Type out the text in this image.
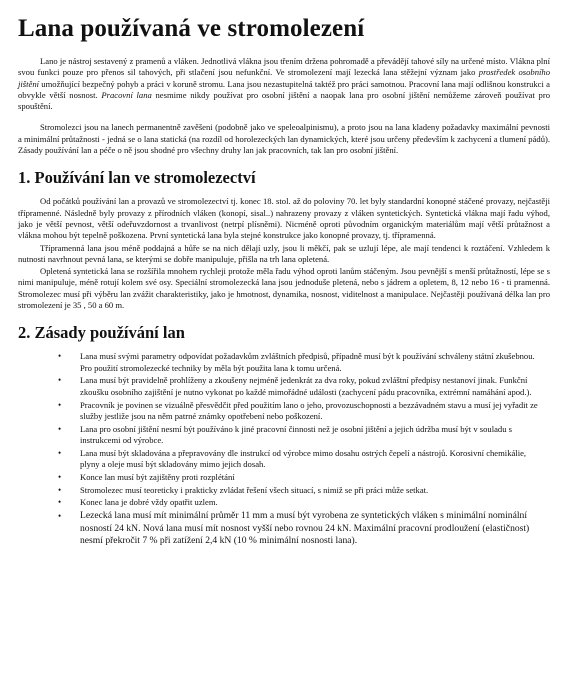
Lana používaná ve stromolezení

Lano je nástroj sestavený z pramenů a vláken. Jednotlivá vlákna jsou třením držena pohromadě a převádějí tahové síly na určené místo. Vlákna plní svou funkci pouze pro přenos sil tahových, při stlačení jsou nefunkční. Ve stromolezení mají lezecká lana stěžejní význam jako prostředek osobního jištění umožňující bezpečný pohyb a práci v koruně stromu. Lana jsou nezastupitelná taktéž pro práci samotnou. Pracovní lana mají odlišnou konstrukci a obvykle větší nosnost. Pracovní lana nesmime nikdy používat pro osobní jištění a naopak lana pro osobní jištění nemůžeme zároveň používat pro spouštění.

Stromolezci jsou na lanech permanentně zavěšeni (podobně jako ve speleoalpinismu), a proto jsou na lana kladeny požadavky maximální pevnosti a minimální průtažnosti - jedná se o lana statická (na rozdíl od horolezeckých lan dynamických, které jsou určeny především k zachycení a tlumení pádů). Zásady používání lan a péče o ně jsou shodné pro všechny druhy lan jak pracovních, tak lan pro osobní jištění.

1. Používání lan ve stromolezectví

Od počátků používání lan a provazů ve stromolezectví tj. konec 18. stol. až do poloviny 70. let byly standardní konopné stáčené provazy, nejčastěji třípramenné. Následně byly provazy z přírodních vláken (konopí, sisal..) nahrazeny provazy z vláken syntetických. Syntetická vlákna mají řadu výhod, jako je větší pevnost, větší odeřuvzdornost a trvanlivost (netrpí plísněmi). Nicméně oproti původním organickým materiálům mají větší průtažnost a vlákna mohou být tepelně poškozena. První syntetická lana byla stejné konstrukce jako konopné provazy, tj. třípramenná.

Třípramenná lana jsou méně poddajná a hůře se na nich dělají uzly, jsou li měkčí, pak se uzlují lépe, ale mají tendenci k roztáčení. Vzhledem k nutnosti navrhnout pevná lana, se kterými se dobře manipuluje, přišla na trh lana opletená.

Opletená syntetická lana se rozšířila mnohem rychleji protože měla řadu výhod oproti lanům stáčeným. Jsou pevnější s menší průtažností, lépe se s nimi manipuluje, méně rotují kolem své osy. Speciální stromolezecká lana jsou jednoduše pletená, nebo s jádrem a opletem, 8, 12 nebo 16 - ti pramenná. Stromolezec musí při výběru lan zvážit charakteristiky, jako je hmotnost, dynamika, nosnost, viditelnost a manipulace. Nejčastěji používaná délka lan pro stromolezení je 35 , 50 a 60 m.

2. Zásady používání lan
• Lana musí svými parametry odpovídat požadavkům zvláštních předpisů, případně musí být k používání schváleny státní zkušebnou. Pro použití stromolezecké techniky by měla být použita lana k tomu určená.
• Lana musí být pravidelně prohlíženy a zkoušeny nejméně jedenkrát za dva roky, pokud zvláštní předpisy nestanoví jinak. Funkční zkoušku osobního zajištění je nutno vykonat po každé mimořádné události (zachycení pádu pracovníka, extrémní namáhání apod.).
• Pracovník je povinen se vizuálně přesvědčit před použitím lano o jeho, provozuschopnosti a bezzávadném stavu a musí jej vyřadit ze služby jestliže jsou na něm patrné známky opotřebení nebo poškození.
• Lana pro osobní jištění nesmí být používáno k jiné pracovní činnosti než je osobní jištění a jejich údržba musí být v souladu s instrukcemi od výrobce.
• Lana musí být skladována a přepravovány dle instrukcí od výrobce mimo dosahu ostrých čepelí a nástrojů. Korosivní chemikálie, plyny a oleje musí být skladovány mimo jejich dosah.
• Konce lan musí být zajištěny proti rozplétání
• Stromolezec musí teoreticky i prakticky zvládat řešení všech situací, s nimiž se při práci může setkat.
• Konec lana je dobré vždy opatřit uzlem.
• Lezecká lana musí mít minimální průměr 11 mm a musí být vyrobena ze syntetických vláken s minimální nominální nosností 24 kN. Nová lana musí mít nosnost vyšší nebo rovnou 24 kN. Maximální pracovní prodloužení (elastičnost) nesmí překročit 7 % při zatížení 2,4 kN (10 % minimální nosnosti lana).
